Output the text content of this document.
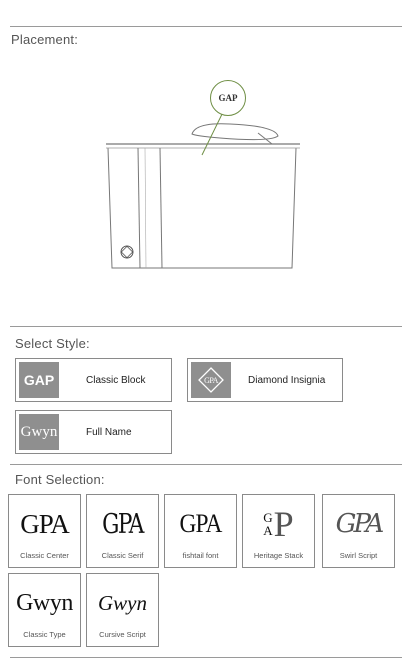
Placement:
GAP
Select Style:
GAP	Classic Block	GPA	Diamond Insignia
Gwyn	Full Name
Font Selection:
GPA
Classic Center
GPA
Classic Serif
GPA
fishtail font
G
A P
Heritage Stack
GPA
Swirl Script
Gwyn
Classic Type
Gwyn
Cursive Script
